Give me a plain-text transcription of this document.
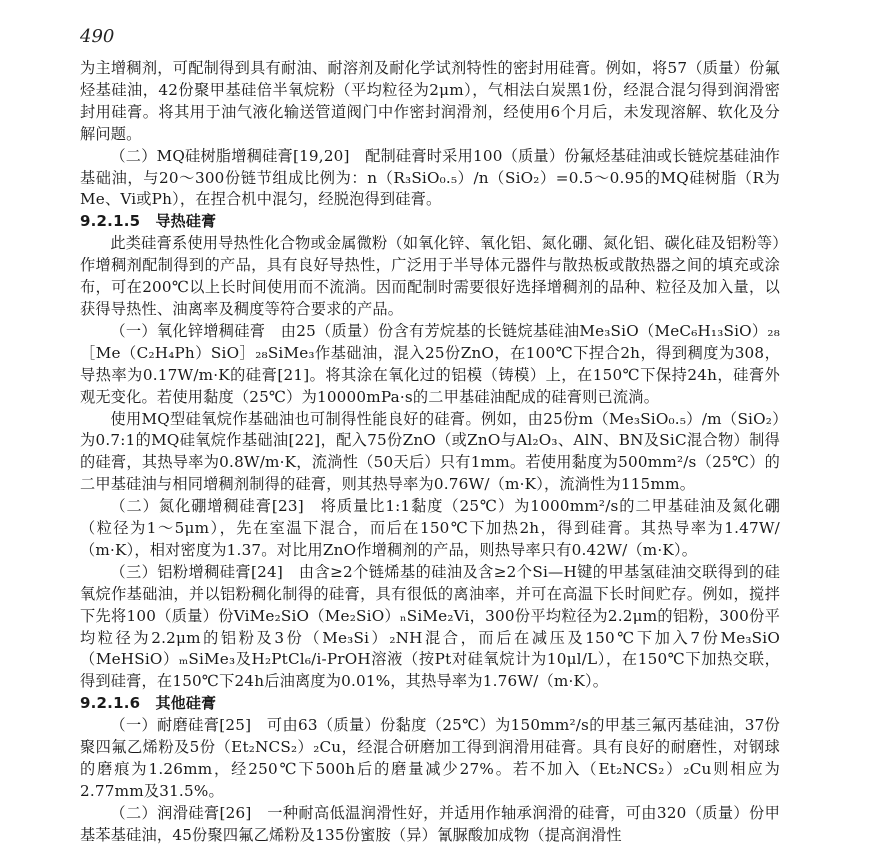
490

为主增稠剂，可配制得到具有耐油、耐溶剂及耐化学试剂特性的密封用硅膏。例如，将57（质量）份氟烃基硅油，42份聚甲基硅倍半氧烷粉（平均粒径为2μm），气相法白炭黑1份，经混合混匀得到润滑密封用硅膏。将其用于油气液化输送管道阀门中作密封润滑剂，经使用6个月后，未发现溶解、软化及分解问题。

（二）MQ硅树脂增稠硅膏[19,20]　配制硅膏时采用100（质量）份氟烃基硅油或长链烷基硅油作基础油，与20～300份链节组成比例为：n（R₃SiO₀.₅）/n（SiO₂）=0.5～0.95的MQ硅树脂（R为Me、Vi或Ph），在捏合机中混匀，经脱泡得到硅膏。

9.2.1.5　导热硅膏

此类硅膏系使用导热性化合物或金属微粉（如氧化锌、氧化铝、氮化硼、氮化铝、碳化硅及铝粉等）作增稠剂配制得到的产品，具有良好导热性，广泛用于半导体元器件与散热板或散热器之间的填充或涂布，可在200℃以上长时间使用而不流淌。因而配制时需要很好选择增稠剂的品种、粒径及加入量，以获得导热性、油离率及稠度等符合要求的产品。

（一）氧化锌增稠硅膏　由25（质量）份含有芳烷基的长链烷基硅油Me₃SiO（MeC₆H₁₃SiO）₂₈［Me（C₂H₄Ph）SiO］₂₈SiMe₃作基础油，混入25份ZnO，在100℃下捏合2h，得到稠度为308，导热率为0.17W/m·K的硅膏[21]。将其涂在氧化过的铝模（铸模）上，在150℃下保持24h，硅膏外观无变化。若使用黏度（25℃）为10000mPa·s的二甲基硅油配成的硅膏则已流淌。

使用MQ型硅氧烷作基础油也可制得性能良好的硅膏。例如，由25份m（Me₃SiO₀.₅）/m（SiO₂）为0.7:1的MQ硅氧烷作基础油[22]，配入75份ZnO（或ZnO与Al₂O₃、AlN、BN及SiC混合物）制得的硅膏，其热导率为0.8W/m·K，流淌性（50天后）只有1mm。若使用黏度为500mm²/s（25℃）的二甲基硅油与相同增稠剂制得的硅膏，则其热导率为0.76W/（m·K），流淌性为115mm。

（二）氮化硼增稠硅膏[23]　将质量比1:1黏度（25℃）为1000mm²/s的二甲基硅油及氮化硼（粒径为1～5μm），先在室温下混合，而后在150℃下加热2h，得到硅膏。其热导率为1.47W/（m·K），相对密度为1.37。对比用ZnO作增稠剂的产品，则热导率只有0.42W/（m·K）。

（三）铝粉增稠硅膏[24]　由含≥2个链烯基的硅油及含≥2个Si—H键的甲基氢硅油交联得到的硅氧烷作基础油，并以铝粉稠化制得的硅膏，具有很低的离油率，并可在高温下长时间贮存。例如，搅拌下先将100（质量）份ViMe₂SiO（Me₂SiO）ₙSiMe₂Vi，300份平均粒径为2.2μm的铝粉，300份平均粒径为2.2μm的铝粉及3份（Me₃Si）₂NH混合，而后在减压及150℃下加入7份Me₃SiO（MeHSiO）ₘSiMe₃及H₂PtCl₆/i-PrOH溶液（按Pt对硅氧烷计为10μl/L），在150℃下加热交联，得到硅膏，在150℃下24h后油离度为0.01%，其热导率为1.76W/（m·K）。

9.2.1.6　其他硅膏

（一）耐磨硅膏[25]　可由63（质量）份黏度（25℃）为150mm²/s的甲基三氟丙基硅油，37份聚四氟乙烯粉及5份（Et₂NCS₂）₂Cu，经混合研磨加工得到润滑用硅膏。具有良好的耐磨性，对钢球的磨痕为1.26mm，经250℃下500h后的磨量减少27%。若不加入（Et₂NCS₂）₂Cu则相应为2.77mm及31.5%。

（二）润滑硅膏[26]　一种耐高低温润滑性好，并适用作轴承润滑的硅膏，可由320（质量）份甲基苯基硅油，45份聚四氟乙烯粉及135份蜜胺（异）氰脲酸加成物（提高润滑性
